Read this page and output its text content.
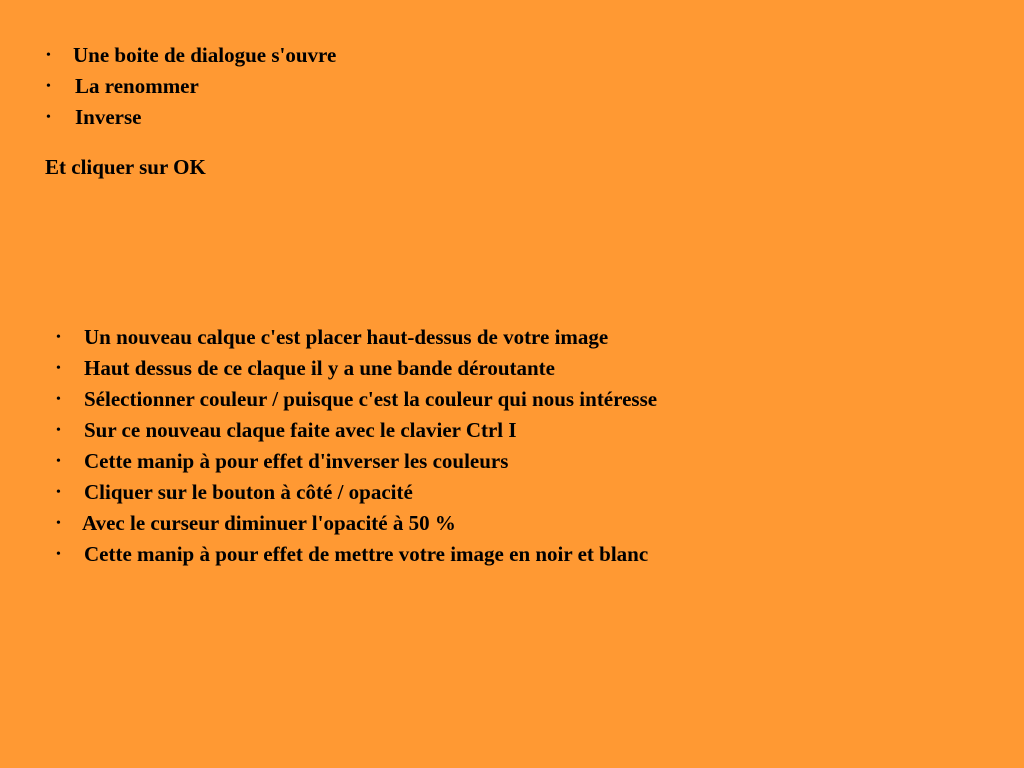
• Une boite de dialogue s'ouvre
• La renommer
• Inverse

Et cliquer sur OK

• Un nouveau calque c'est placer haut-dessus de votre image
• Haut dessus de ce claque il y a une bande déroutante
• Sélectionner couleur / puisque c'est la couleur qui nous intéresse
• Sur ce nouveau claque faite avec le clavier Ctrl I
• Cette manip à pour effet d'inverser les couleurs
• Cliquer sur le bouton à côté / opacité
• Avec le curseur diminuer l'opacité à 50 %
• Cette manip à pour effet de mettre votre image en noir et blanc
